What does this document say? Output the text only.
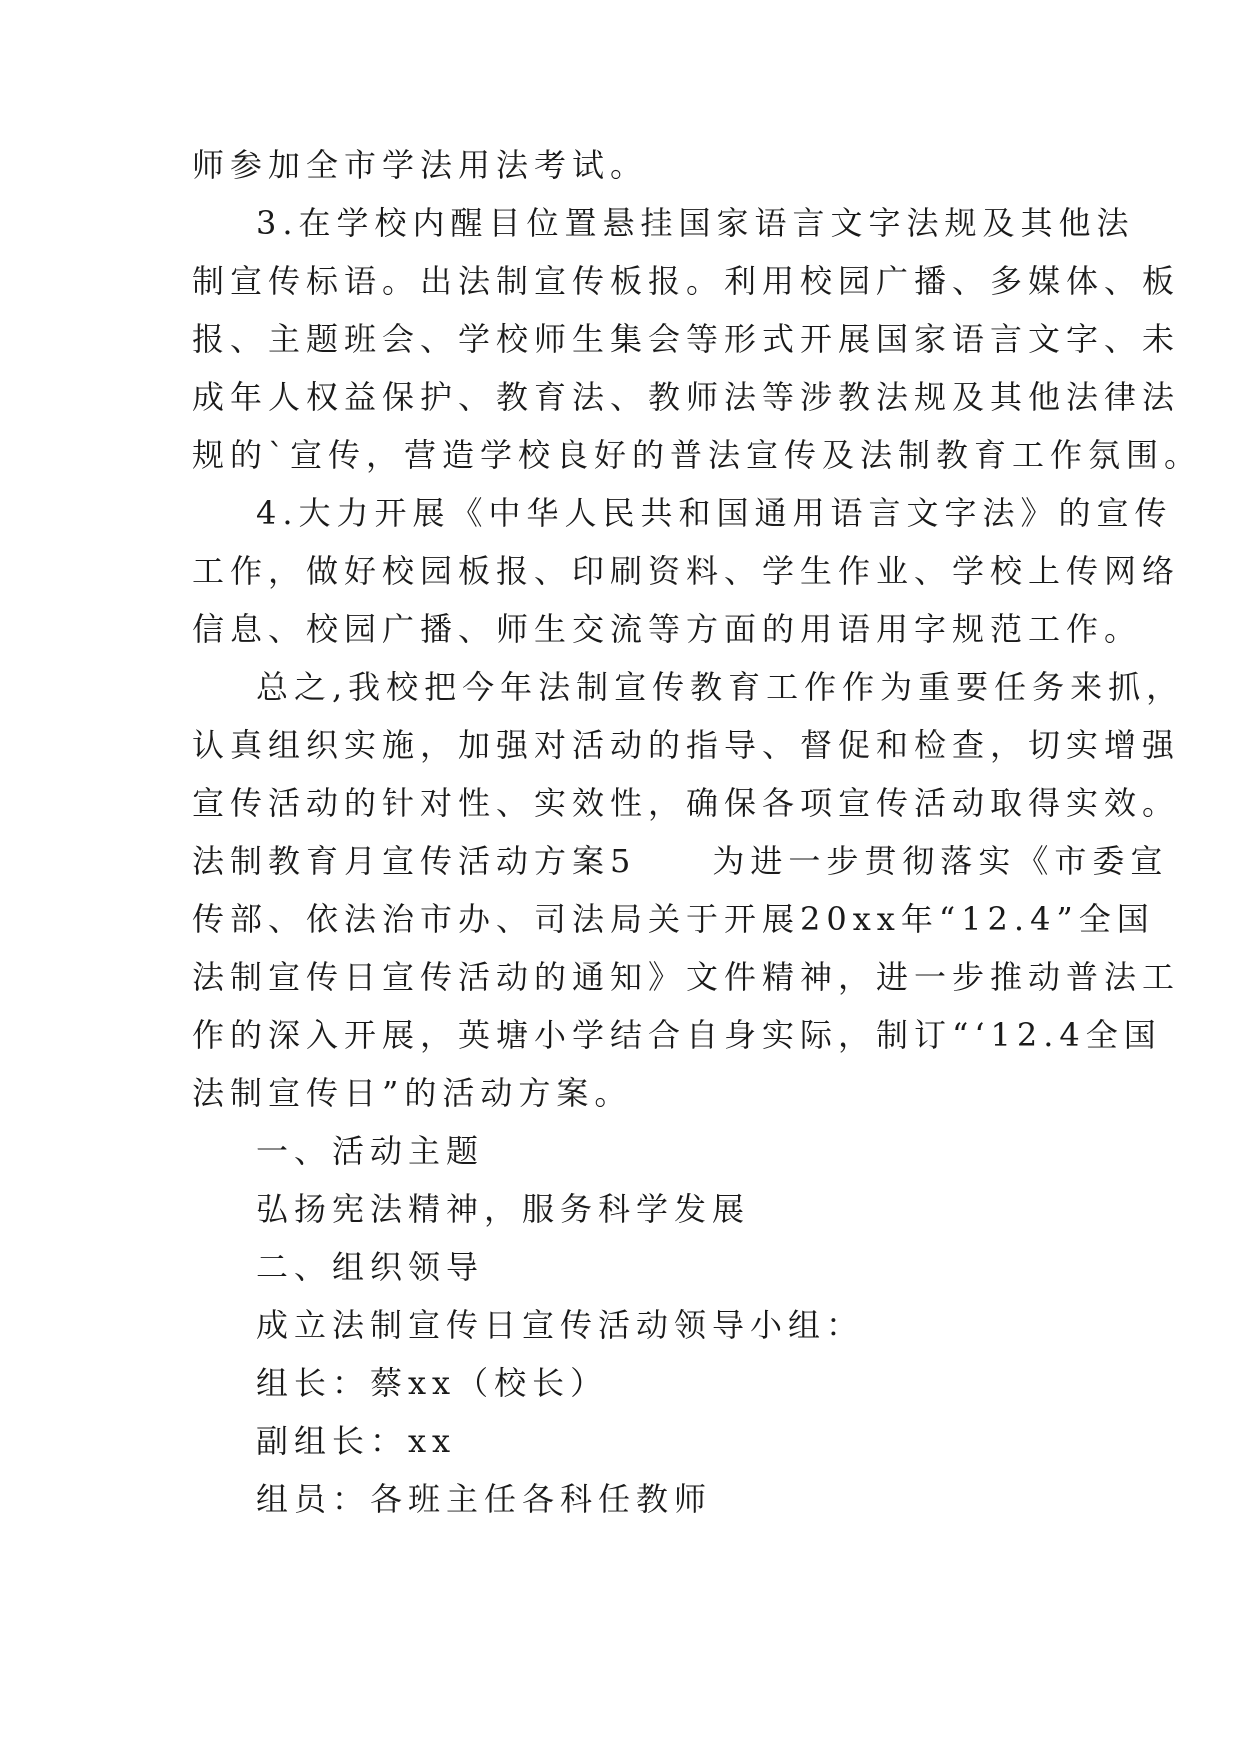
师参加全市学法用法考试。
3.在学校内醒目位置悬挂国家语言文字法规及其他法
制宣传标语。出法制宣传板报。利用校园广播、多媒体、板
报、主题班会、学校师生集会等形式开展国家语言文字、未
成年人权益保护、教育法、教师法等涉教法规及其他法律法
规的`宣传，营造学校良好的普法宣传及法制教育工作氛围。
4.大力开展《中华人民共和国通用语言文字法》的宣传
工作，做好校园板报、印刷资料、学生作业、学校上传网络
信息、校园广播、师生交流等方面的用语用字规范工作。
总之,我校把今年法制宣传教育工作作为重要任务来抓，
认真组织实施，加强对活动的指导、督促和检查，切实增强
宣传活动的针对性、实效性，确保各项宣传活动取得实效。
法制教育月宣传活动方案5　　为进一步贯彻落实《市委宣
传部、依法治市办、司法局关于开展20xx年“12.4”全国
法制宣传日宣传活动的通知》文件精神，进一步推动普法工
作的深入开展，英塘小学结合自身实际，制订“‘12.4全国
法制宣传日”的活动方案。
一、活动主题
弘扬宪法精神，服务科学发展
二、组织领导
成立法制宣传日宣传活动领导小组：
组长：蔡xx（校长）
副组长：xx
组员：各班主任各科任教师
